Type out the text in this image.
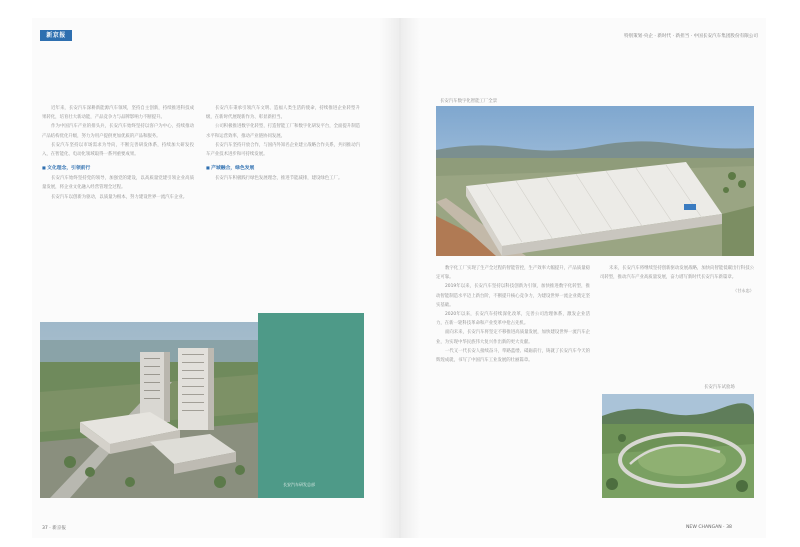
新京报	特别策划·央企 · 新时代 · 新担当 · 中国长安汽车集团股份有限公司

近年来，长安汽车深耕新能源汽车领域，坚持自主创新，持续推进科技成果转化，培育壮大新动能，产品竞争力与品牌影响力不断提升。

作为中国汽车产业的排头兵，长安汽车始终坚持以客户为中心，持续推动产品结构优化升级，努力为用户提供更加优质的产品和服务。

长安汽车坚持以市场需求为导向，不断完善研发体系，持续加大研发投入，在智能化、电动化领域取得一系列重要成果。

■ 文化理念，引领前行

长安汽车始终坚持党的领导，加强党的建设，以高质量党建引领企业高质量发展，将企业文化融入经营管理全过程。

长安汽车以创新为驱动，以质量为根本，努力建设世界一流汽车企业。

长安汽车秉承引领汽车文明、造福人类生活的使命，持续推进企业转型升级，在新时代展现新作为、彰显新担当。

公司积极推进数字化转型，打造智能工厂和数字化研发平台，全面提升制造水平和运营效率，推动产业链协同发展。

长安汽车坚持开放合作，与国内外知名企业建立战略合作关系，共同推动汽车产业技术进步和可持续发展。

■ 产城融合，绿色发展

长安汽车积极践行绿色发展理念，推进节能减排，建设绿色工厂。

长安汽车研发总部
37 · 新京报
长安汽车数字化智能工厂全景

数字化工厂实现了生产全过程的智能管控，生产效率大幅提升，产品质量稳定可靠。

2019年以来，长安汽车坚持以科技创新为引领，加快推进数字化转型，推动智能制造水平迈上新台阶，不断提升核心竞争力，为建设世界一流企业奠定坚实基础。

2020年以来，长安汽车持续深化改革，完善公司治理体系，激发企业活力，在新一轮科技革命和产业变革中抢占先机。

面向未来，长安汽车将坚定不移推进高质量发展，加快建设世界一流汽车企业，为实现中华民族伟大复兴作出新的更大贡献。

一代又一代长安人接续奋斗，筚路蓝缕、砥砺前行，铸就了长安汽车今天的辉煌成就，书写了中国汽车工业发展的壮丽篇章。

未来，长安汽车将继续坚持创新驱动发展战略，加快向智能低碳出行科技公司转型，推动汽车产业高质量发展，奋力谱写新时代长安汽车新篇章。

（甘永忠）
长安汽车试验场
NEW CHANGAN · 38
